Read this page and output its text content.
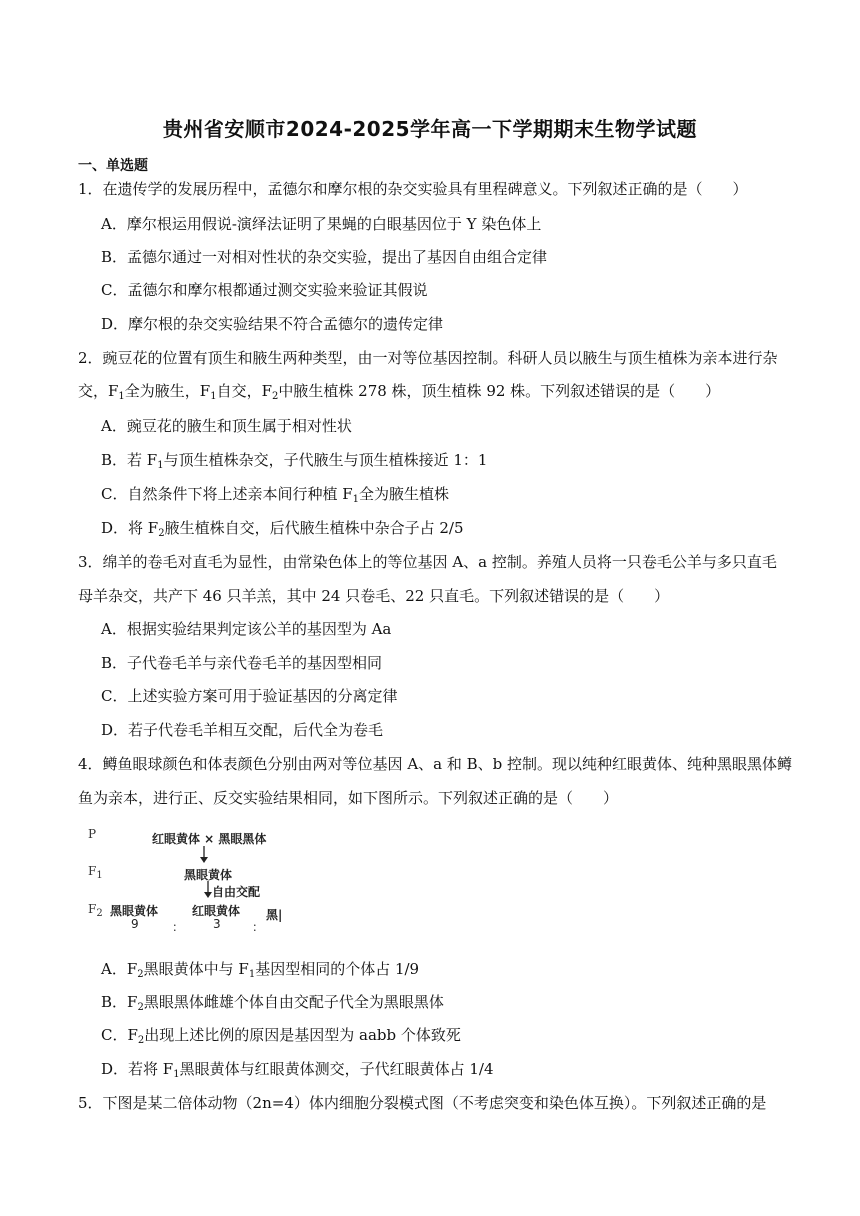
贵州省安顺市2024-2025学年高一下学期期末生物学试题
一、单选题
1．在遗传学的发展历程中，孟德尔和摩尔根的杂交实验具有里程碑意义。下列叙述正确的是（　　）
A．摩尔根运用假说-演绎法证明了果蝇的白眼基因位于 Y 染色体上
B．孟德尔通过一对相对性状的杂交实验，提出了基因自由组合定律
C．孟德尔和摩尔根都通过测交实验来验证其假说
D．摩尔根的杂交实验结果不符合孟德尔的遗传定律
2．豌豆花的位置有顶生和腋生两种类型，由一对等位基因控制。科研人员以腋生与顶生植株为亲本进行杂
交，$F_1$全为腋生，$F_1$自交，$F_2$中腋生植株 278 株，顶生植株 92 株。下列叙述错误的是（　　）
A．豌豆花的腋生和顶生属于相对性状
B．若 $F_1$与顶生植株杂交，子代腋生与顶生植株接近 1：1
C．自然条件下将上述亲本间行种植 $F_1$全为腋生植株
D．将 $F_2$腋生植株自交，后代腋生植株中杂合子占 2/5
3．绵羊的卷毛对直毛为显性，由常染色体上的等位基因 A、a 控制。养殖人员将一只卷毛公羊与多只直毛
母羊杂交，共产下 46 只羊羔，其中 24 只卷毛、22 只直毛。下列叙述错误的是（　　）
A．根据实验结果判定该公羊的基因型为 Aa
B．子代卷毛羊与亲代卷毛羊的基因型相同
C．上述实验方案可用于验证基因的分离定律
D．若子代卷毛羊相互交配，后代全为卷毛
4．鳟鱼眼球颜色和体表颜色分别由两对等位基因 A、a 和 B、b 控制。现以纯种红眼黄体、纯种黑眼黑体鳟
鱼为亲本，进行正、反交实验结果相同，如下图所示。下列叙述正确的是（　　）
P
$F_1$
$F_2$
红眼黄体 × 黑眼黑体
黑眼黄体
自由交配
黑眼黄体
9	：
红眼黄体
3	：
黑|
A．$F_2$黑眼黄体中与 $F_1$基因型相同的个体占 1/9
B．$F_2$黑眼黑体雌雄个体自由交配子代全为黑眼黑体
C．$F_2$出现上述比例的原因是基因型为 aabb 个体致死
D．若将 $F_1$黑眼黄体与红眼黄体测交，子代红眼黄体占 1/4
5．下图是某二倍体动物（2n=4）体内细胞分裂模式图（不考虑突变和染色体互换）。下列叙述正确的是
